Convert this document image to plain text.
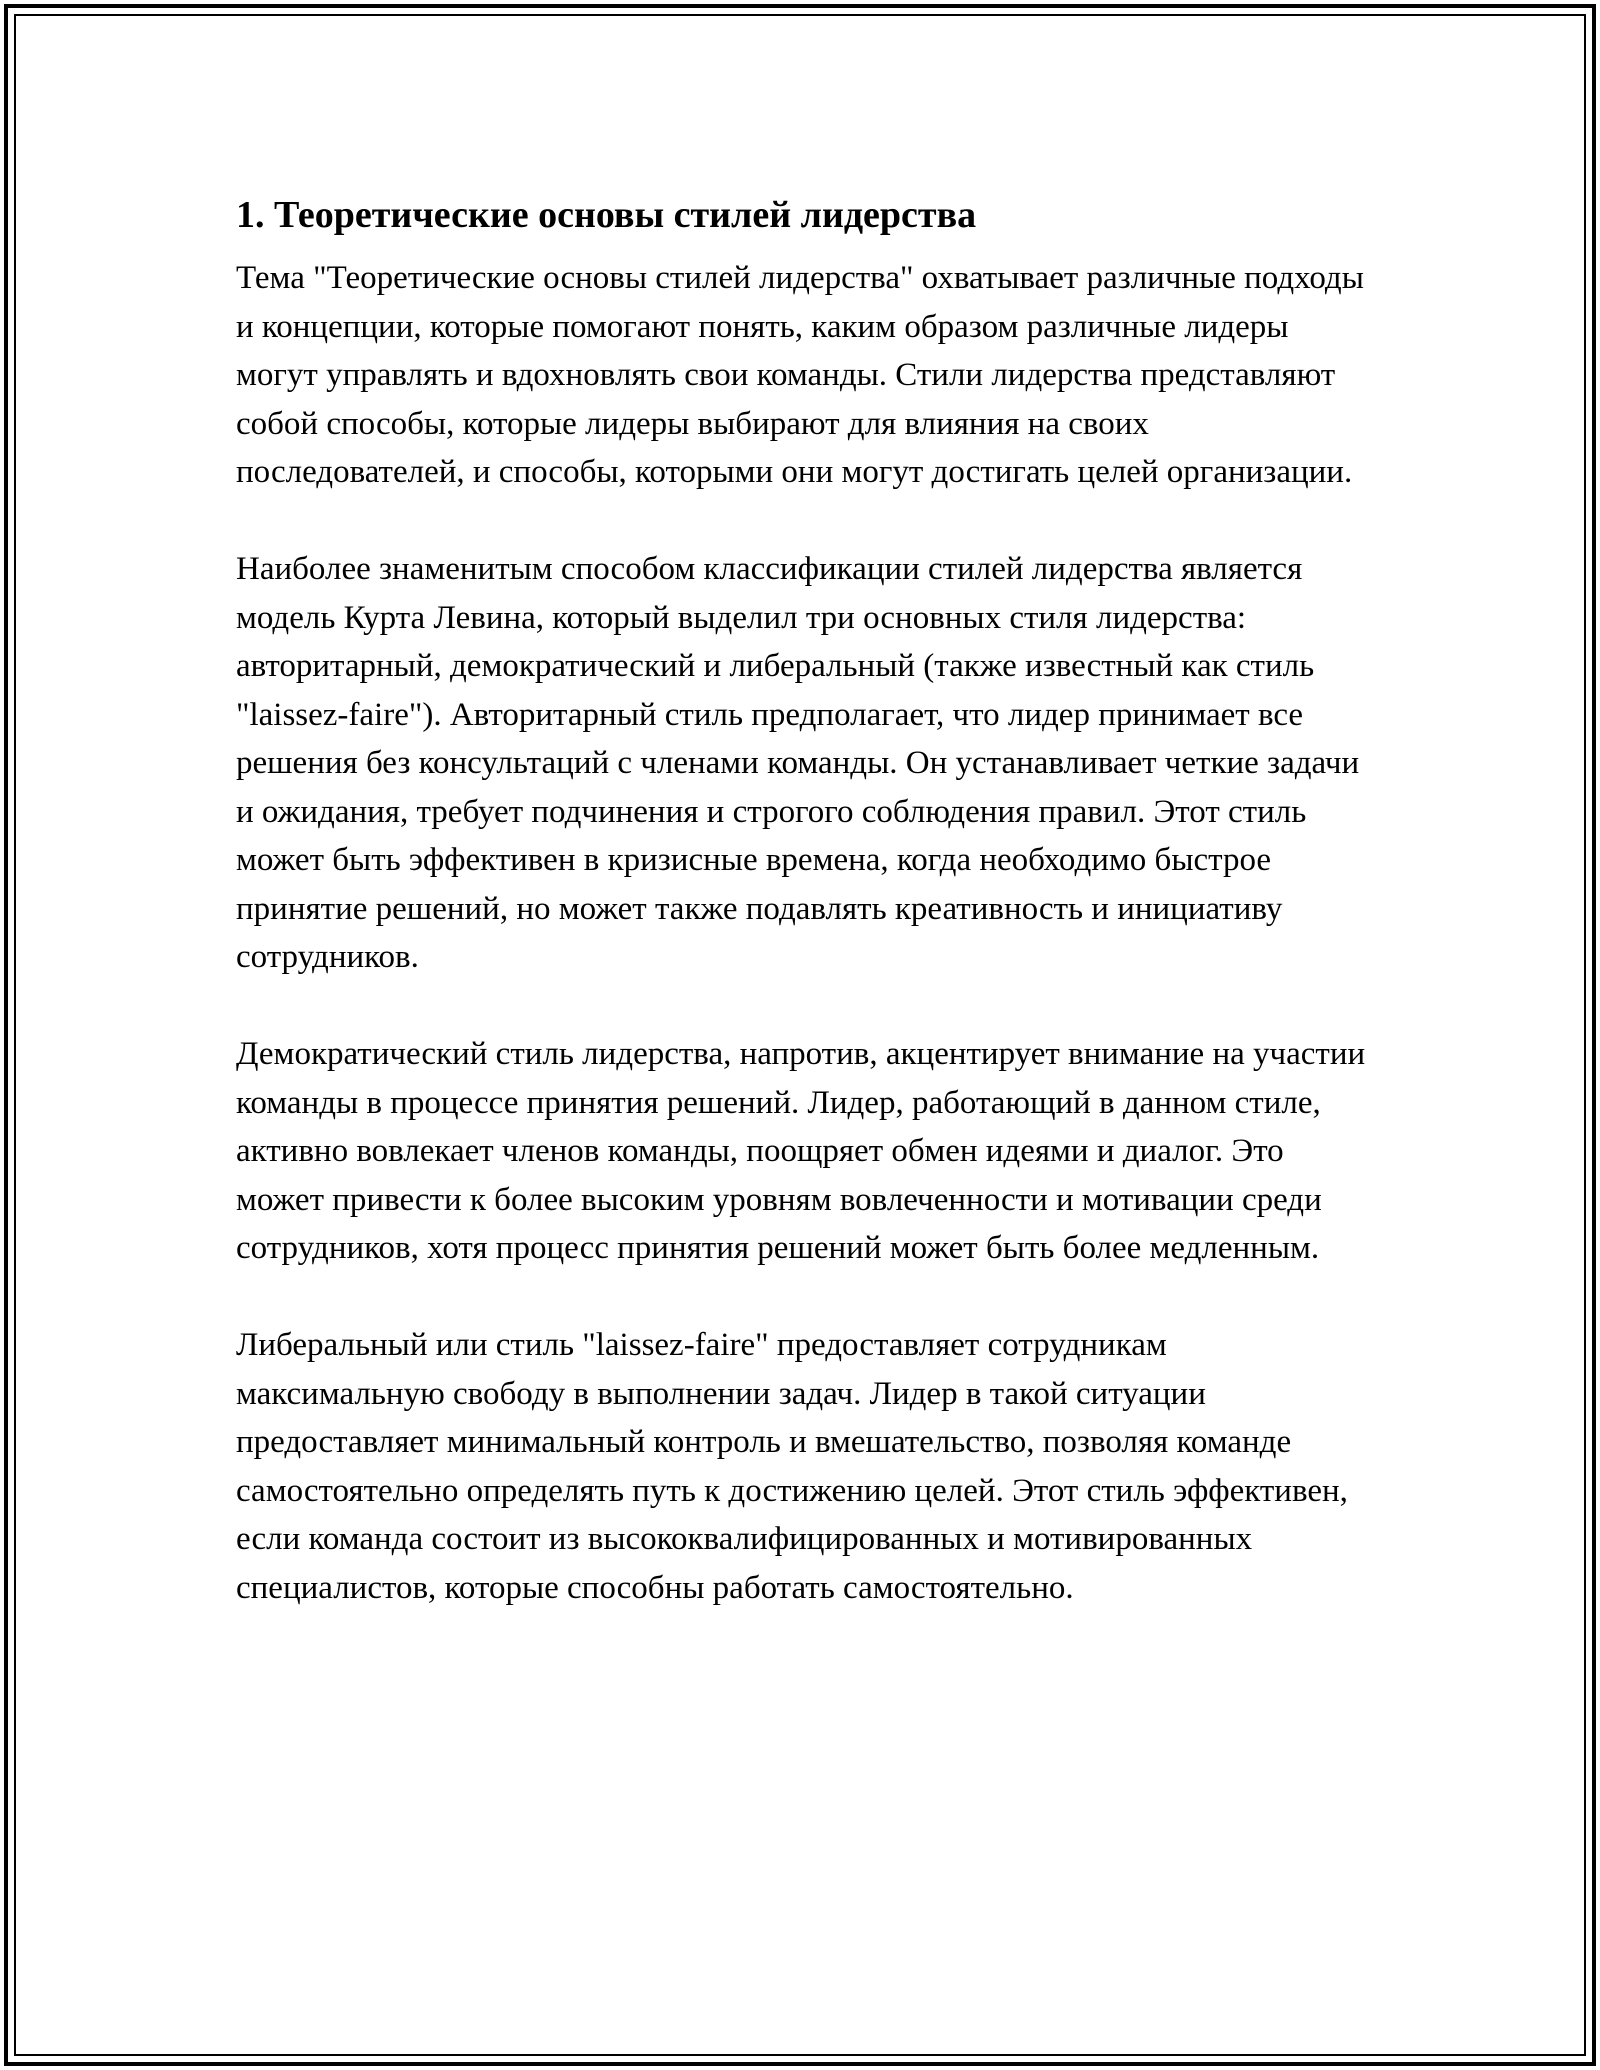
1. Теоретические основы стилей лидерства

Тема "Теоретические основы стилей лидерства" охватывает различные подходы и концепции, которые помогают понять, каким образом различные лидеры могут управлять и вдохновлять свои команды. Стили лидерства представляют собой способы, которые лидеры выбирают для влияния на своих последователей, и способы, которыми они могут достигать целей организации.

Наиболее знаменитым способом классификации стилей лидерства является модель Курта Левина, который выделил три основных стиля лидерства: авторитарный, демократический и либеральный (также известный как стиль "laissez-faire"). Авторитарный стиль предполагает, что лидер принимает все решения без консультаций с членами команды. Он устанавливает четкие задачи и ожидания, требует подчинения и строгого соблюдения правил. Этот стиль может быть эффективен в кризисные времена, когда необходимо быстрое принятие решений, но может также подавлять креативность и инициативу сотрудников.

Демократический стиль лидерства, напротив, акцентирует внимание на участии команды в процессе принятия решений. Лидер, работающий в данном стиле, активно вовлекает членов команды, поощряет обмен идеями и диалог. Это может привести к более высоким уровням вовлеченности и мотивации среди сотрудников, хотя процесс принятия решений может быть более медленным.

Либеральный или стиль "laissez-faire" предоставляет сотрудникам максимальную свободу в выполнении задач. Лидер в такой ситуации предоставляет минимальный контроль и вмешательство, позволяя команде самостоятельно определять путь к достижению целей. Этот стиль эффективен, если команда состоит из высококвалифицированных и мотивированных специалистов, которые способны работать самостоятельно.
